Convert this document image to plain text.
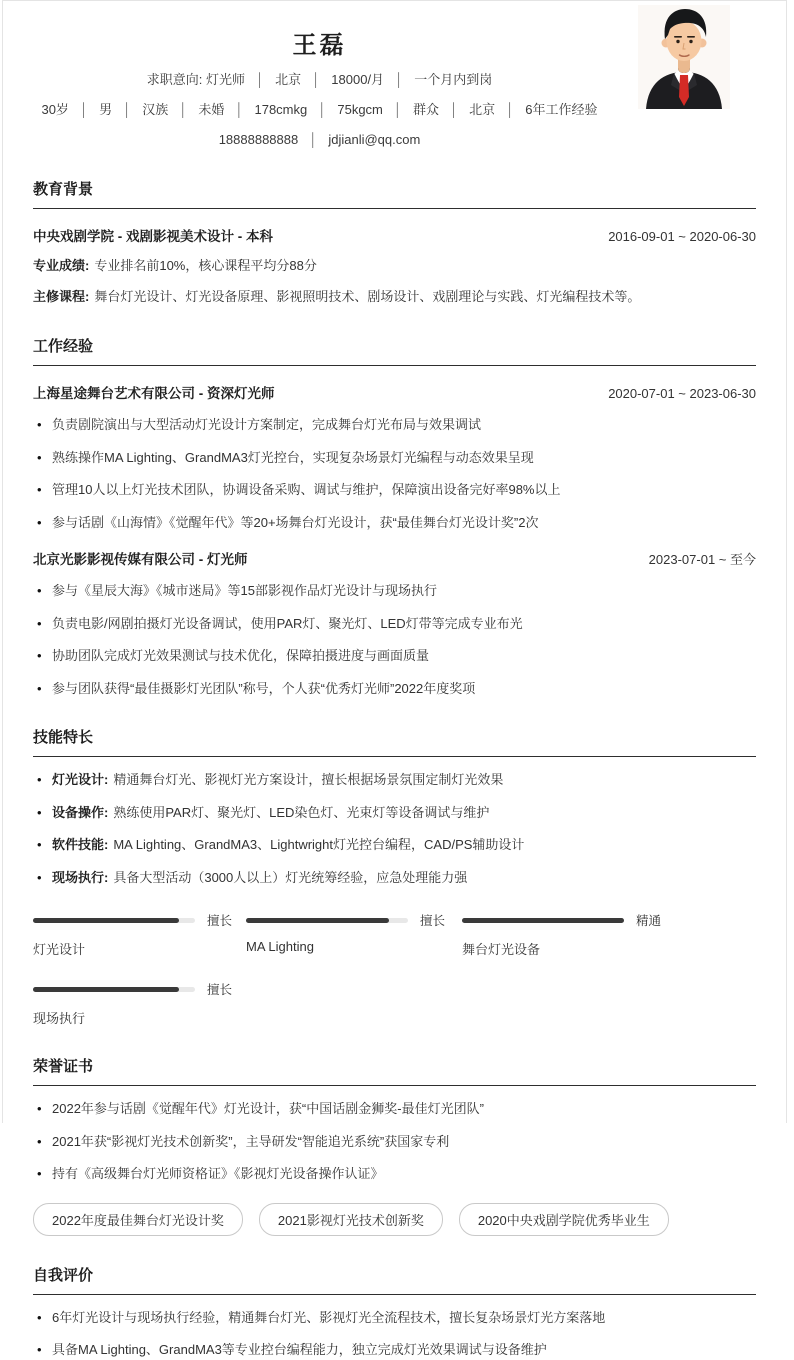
王磊
求职意向: 灯光师 │ 北京 │ 18000/月 │ 一个月内到岗
30岁 │ 男 │ 汉族 │ 未婚 │ 178cmkg │ 75kgcm │ 群众 │ 北京 │ 6年工作经验
18888888888 │ jdjianli@qq.com
教育背景
中央戏剧学院 - 戏剧影视美术设计 - 本科	2016-09-01 ~ 2020-06-30
专业成绩: 专业排名前10%，核心课程平均分88分
主修课程: 舞台灯光设计、灯光设备原理、影视照明技术、剧场设计、戏剧理论与实践、灯光编程技术等。
工作经验
上海星途舞台艺术有限公司 - 资深灯光师	2020-07-01 ~ 2023-06-30
• 负责剧院演出与大型活动灯光设计方案制定，完成舞台灯光布局与效果调试
• 熟练操作MA Lighting、GrandMA3灯光控台，实现复杂场景灯光编程与动态效果呈现
• 管理10人以上灯光技术团队，协调设备采购、调试与维护，保障演出设备完好率98%以上
• 参与话剧《山海情》《觉醒年代》等20+场舞台灯光设计，获“最佳舞台灯光设计奖”2次
北京光影影视传媒有限公司 - 灯光师	2023-07-01 ~ 至今
• 参与《星辰大海》《城市迷局》等15部影视作品灯光设计与现场执行
• 负责电影/网剧拍摄灯光设备调试，使用PAR灯、聚光灯、LED灯带等完成专业布光
• 协助团队完成灯光效果测试与技术优化，保障拍摄进度与画面质量
• 参与团队获得“最佳摄影灯光团队”称号，个人获“优秀灯光师”2022年度奖项
技能特长
• 灯光设计: 精通舞台灯光、影视灯光方案设计，擅长根据场景氛围定制灯光效果
• 设备操作: 熟练使用PAR灯、聚光灯、LED染色灯、光束灯等设备调试与维护
• 软件技能: MA Lighting、GrandMA3、Lightwright灯光控台编程，CAD/PS辅助设计
• 现场执行: 具备大型活动（3000人以上）灯光统筹经验，应急处理能力强
擅长
灯光设计
擅长
MA Lighting
精通
舞台灯光设备
擅长
现场执行
荣誉证书
• 2022年参与话剧《觉醒年代》灯光设计，获“中国话剧金狮奖-最佳灯光团队”
• 2021年获“影视灯光技术创新奖”，主导研发“智能追光系统”获国家专利
• 持有《高级舞台灯光师资格证》《影视灯光设备操作认证》
2022年度最佳舞台灯光设计奖	2021影视灯光技术创新奖	2020中央戏剧学院优秀毕业生
自我评价
• 6年灯光设计与现场执行经验，精通舞台灯光、影视灯光全流程技术，擅长复杂场景灯光方案落地
• 具备MA Lighting、GrandMA3等专业控台编程能力，独立完成灯光效果调试与设备维护
